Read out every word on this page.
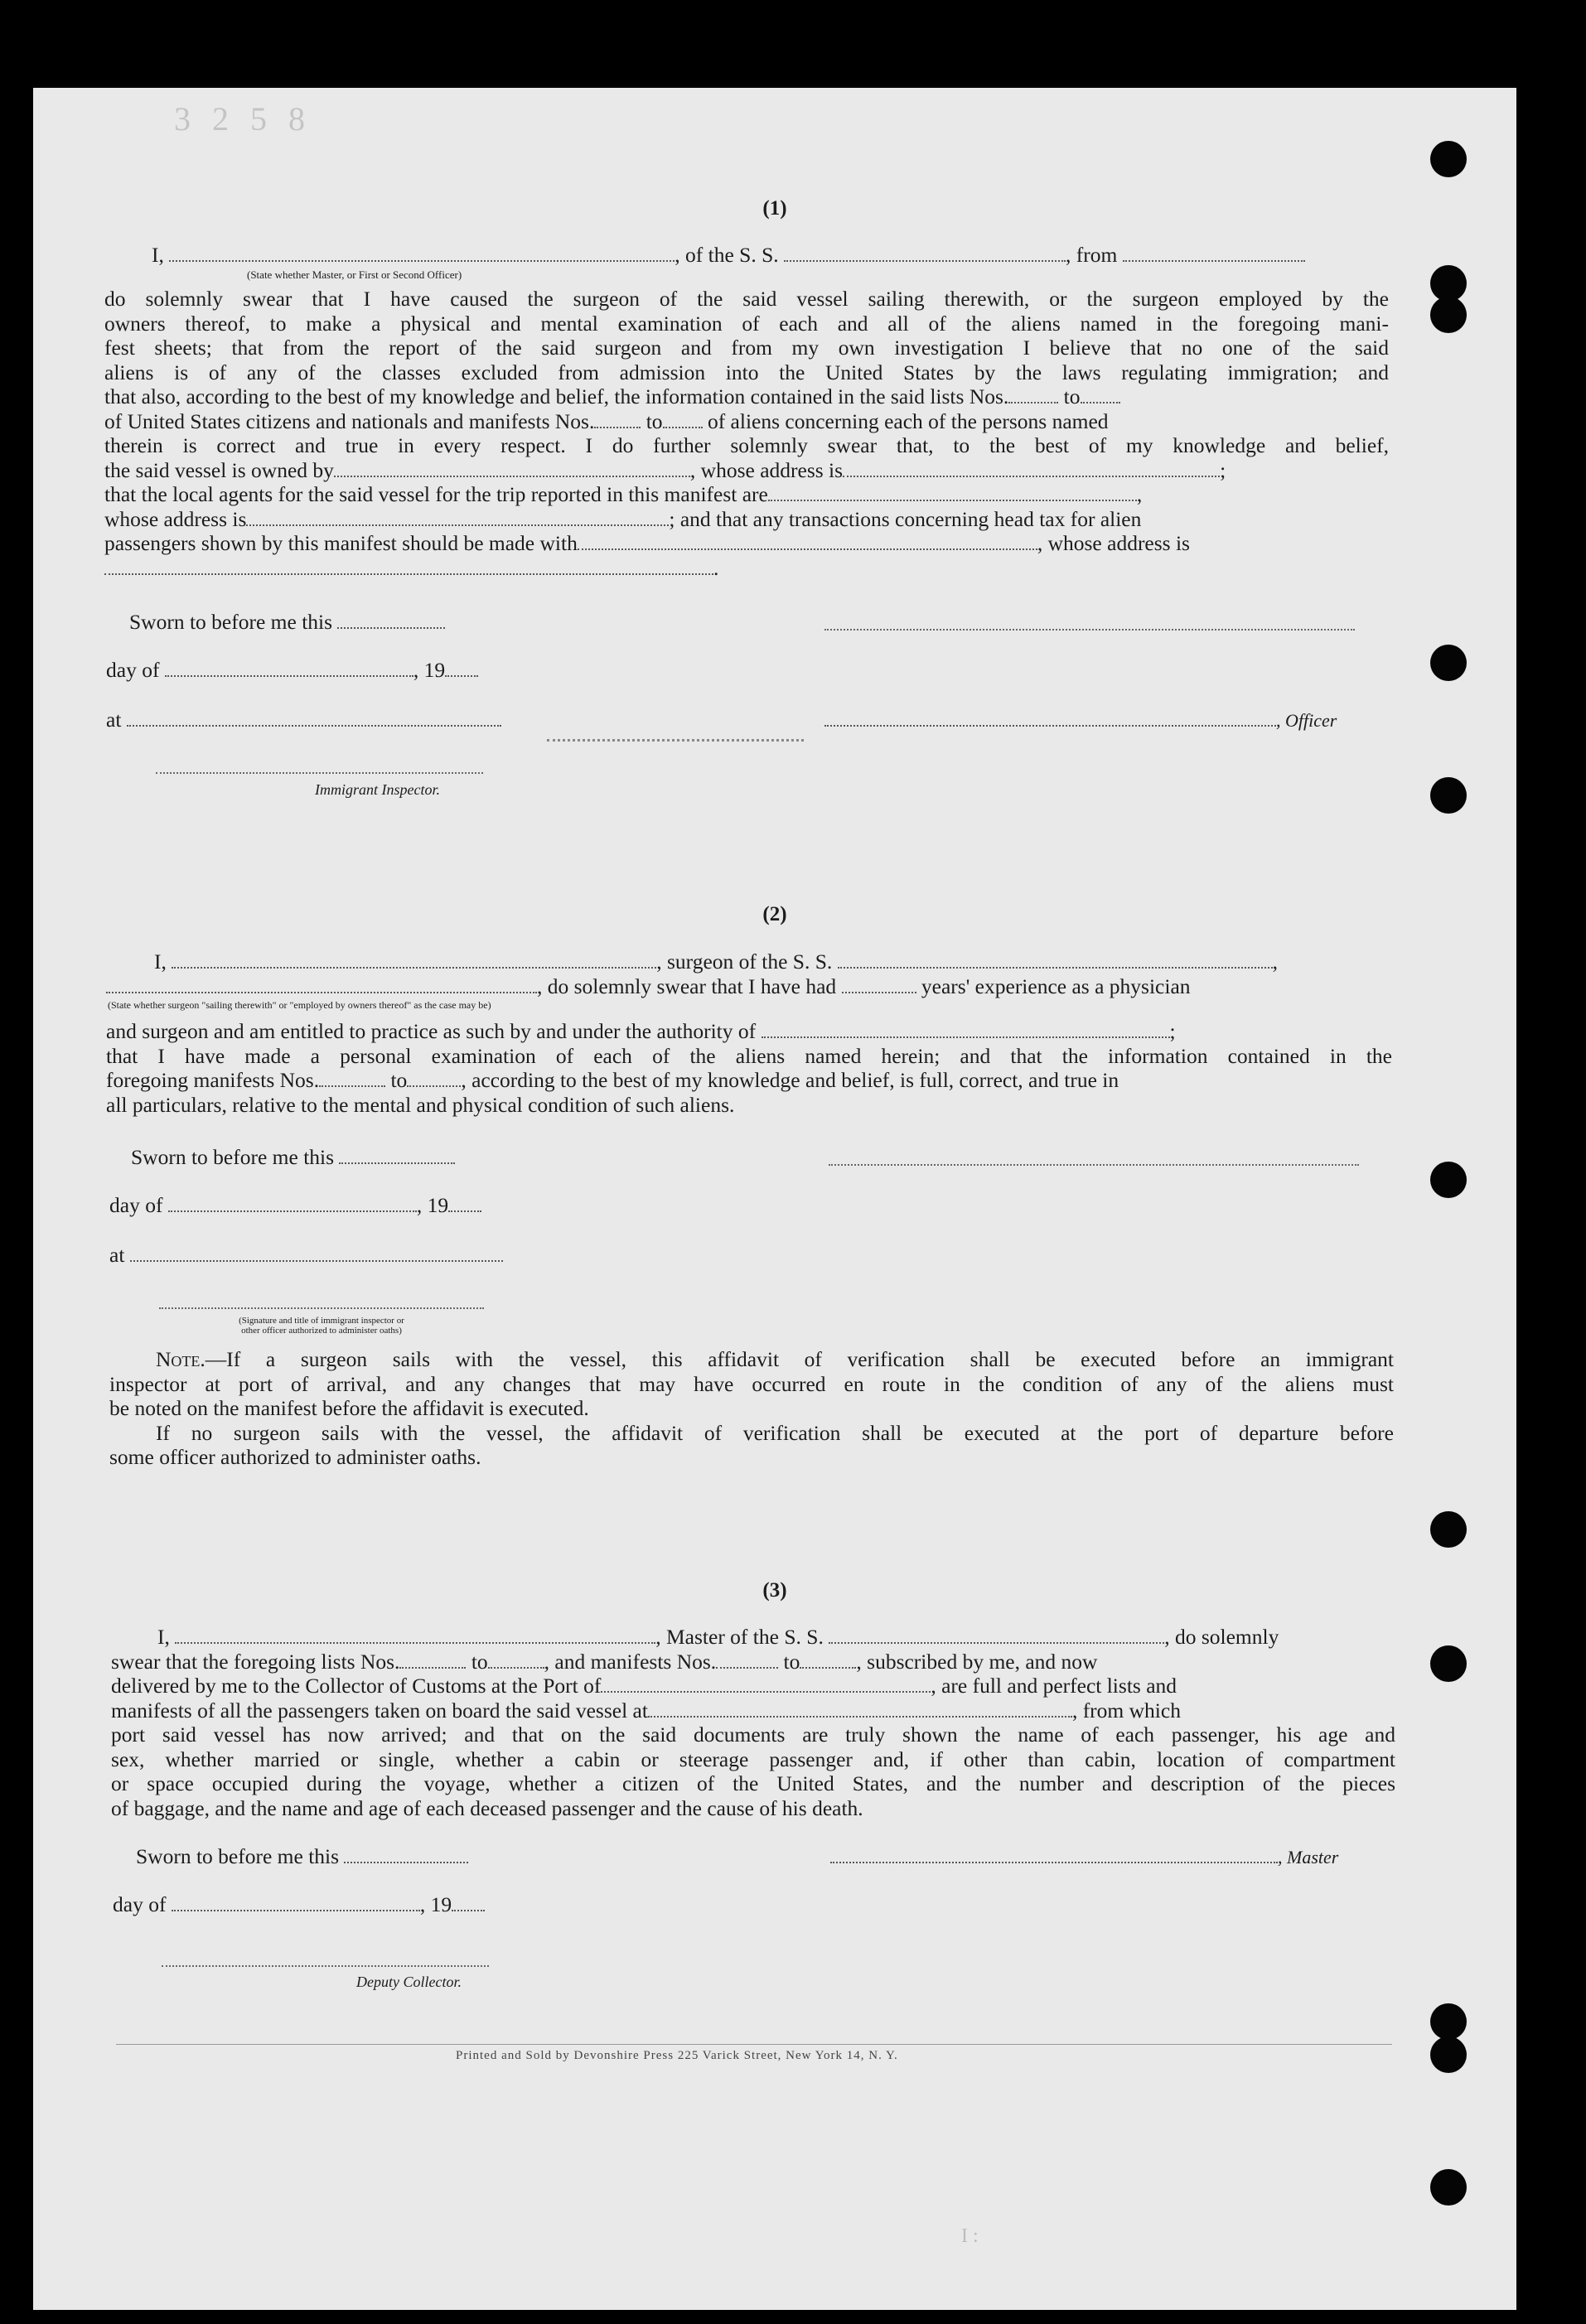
3 2 5 8
I :
(1)
I,	, of the S. S.	, from
(State whether Master, or First or Second Officer)
do solemnly swear that I have caused the surgeon of the said vessel sailing therewith, or the surgeon employed by the
owners thereof, to make a physical and mental examination of each and all of the aliens named in the foregoing mani-
fest sheets; that from the report of the said surgeon and from my own investigation I believe that no one of the said
aliens is of any of the classes excluded from admission into the United States by the laws regulating immigration; and
that also, according to the best of my knowledge and belief, the information contained in the said lists Nos.	to
of United States citizens and nationals and manifests Nos. to of aliens concerning each of the persons named
therein is correct and true in every respect. I do further solemnly swear that, to the best of my knowledge and belief,
the said vessel is owned by	, whose address is	;
that the local agents for the said vessel for the trip reported in this manifest are	,
whose address is	; and that any transactions concerning head tax for alien
passengers shown by this manifest should be made with	, whose address is
.
Sworn to before me this
day of	, 19
at	, Officer
Immigrant Inspector.
(2)
I,	, surgeon of the S. S.	,
, do solemnly swear that I have had	years' experience as a physician
(State whether surgeon "sailing therewith" or "employed by owners thereof" as the case may be)
and surgeon and am entitled to practice as such by and under the authority of	;
that I have made a personal examination of each of the aliens named herein; and that the information contained in the
foregoing manifests Nos.	to	, according to the best of my knowledge and belief, is full, correct, and true in
all particulars, relative to the mental and physical condition of such aliens.
Sworn to before me this
day of	, 19
at
(Signature and title of immigrant inspector or
other officer authorized to administer oaths)
Note.—If a surgeon sails with the vessel, this affidavit of verification shall be executed before an immigrant
inspector at port of arrival, and any changes that may have occurred en route in the condition of any of the aliens must
be noted on the manifest before the affidavit is executed.
If no surgeon sails with the vessel, the affidavit of verification shall be executed at the port of departure before
some officer authorized to administer oaths.
(3)
I,	, Master of the S. S.	, do solemnly
swear that the foregoing lists Nos.	to	, and manifests Nos.	to	, subscribed by me, and now
delivered by me to the Collector of Customs at the Port of	, are full and perfect lists and
manifests of all the passengers taken on board the said vessel at	, from which
port said vessel has now arrived; and that on the said documents are truly shown the name of each passenger, his age and
sex, whether married or single, whether a cabin or steerage passenger and, if other than cabin, location of compartment
or space occupied during the voyage, whether a citizen of the United States, and the number and description of the pieces
of baggage, and the name and age of each deceased passenger and the cause of his death.
Sworn to before me this	, Master
day of	, 19
Deputy Collector.
Printed and Sold by Devonshire Press 225 Varick Street, New York 14, N. Y.
